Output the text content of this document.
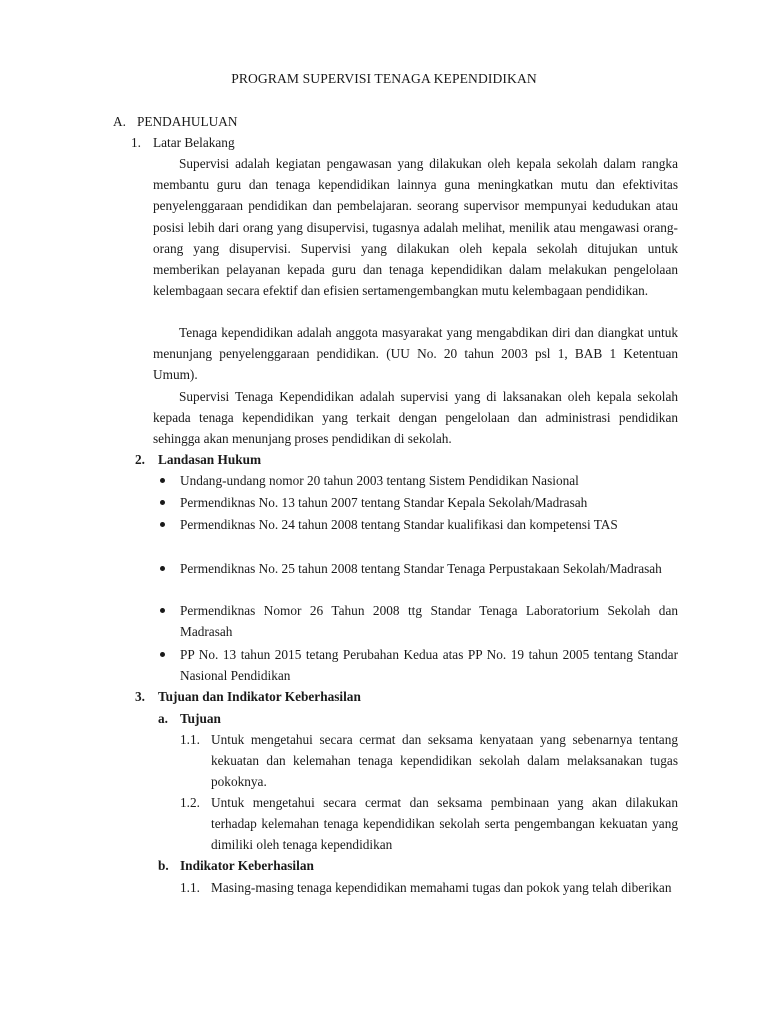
PROGRAM SUPERVISI TENAGA KEPENDIDIKAN
A. PENDAHULUAN
1. Latar Belakang
Supervisi adalah kegiatan pengawasan yang dilakukan oleh kepala sekolah dalam rangka membantu guru dan tenaga kependidikan lainnya guna meningkatkan mutu dan efektivitas penyelenggaraan pendidikan dan pembelajaran. seorang supervisor mempunyai kedudukan atau posisi lebih dari orang yang disupervisi, tugasnya adalah melihat, menilik atau mengawasi orang-orang yang disupervisi. Supervisi yang dilakukan oleh kepala sekolah ditujukan untuk memberikan pelayanan kepada guru dan tenaga kependidikan dalam melakukan pengelolaan kelembagaan secara efektif dan efisien sertamengembangkan mutu kelembagaan pendidikan.
Tenaga kependidikan adalah anggota masyarakat yang mengabdikan diri dan diangkat untuk menunjang penyelenggaraan pendidikan. (UU No. 20 tahun 2003 psl 1, BAB 1 Ketentuan Umum).
Supervisi Tenaga Kependidikan adalah supervisi yang di laksanakan oleh kepala sekolah kepada tenaga kependidikan yang terkait dengan pengelolaan dan administrasi pendidikan sehingga akan menunjang proses pendidikan di sekolah.
2. Landasan Hukum
Undang-undang nomor 20 tahun 2003 tentang Sistem Pendidikan Nasional
Permendiknas No. 13 tahun 2007 tentang Standar Kepala Sekolah/Madrasah
Permendiknas No. 24 tahun 2008 tentang Standar kualifikasi dan kompetensi TAS
Permendiknas No. 25 tahun 2008 tentang Standar Tenaga Perpustakaan Sekolah/Madrasah
Permendiknas Nomor 26 Tahun 2008 ttg Standar Tenaga Laboratorium Sekolah dan Madrasah
PP No. 13 tahun 2015 tetang Perubahan Kedua atas PP No. 19 tahun 2005 tentang Standar Nasional Pendidikan
3. Tujuan dan Indikator Keberhasilan
a. Tujuan
1.1. Untuk mengetahui secara cermat dan seksama kenyataan yang sebenarnya tentang kekuatan dan kelemahan tenaga kependidikan sekolah dalam melaksanakan tugas pokoknya.
1.2. Untuk mengetahui secara cermat dan seksama pembinaan yang akan dilakukan terhadap kelemahan tenaga kependidikan sekolah serta pengembangan kekuatan yang dimiliki oleh tenaga kependidikan
b. Indikator Keberhasilan
1.1. Masing-masing tenaga kependidikan memahami tugas dan pokok yang telah diberikan
